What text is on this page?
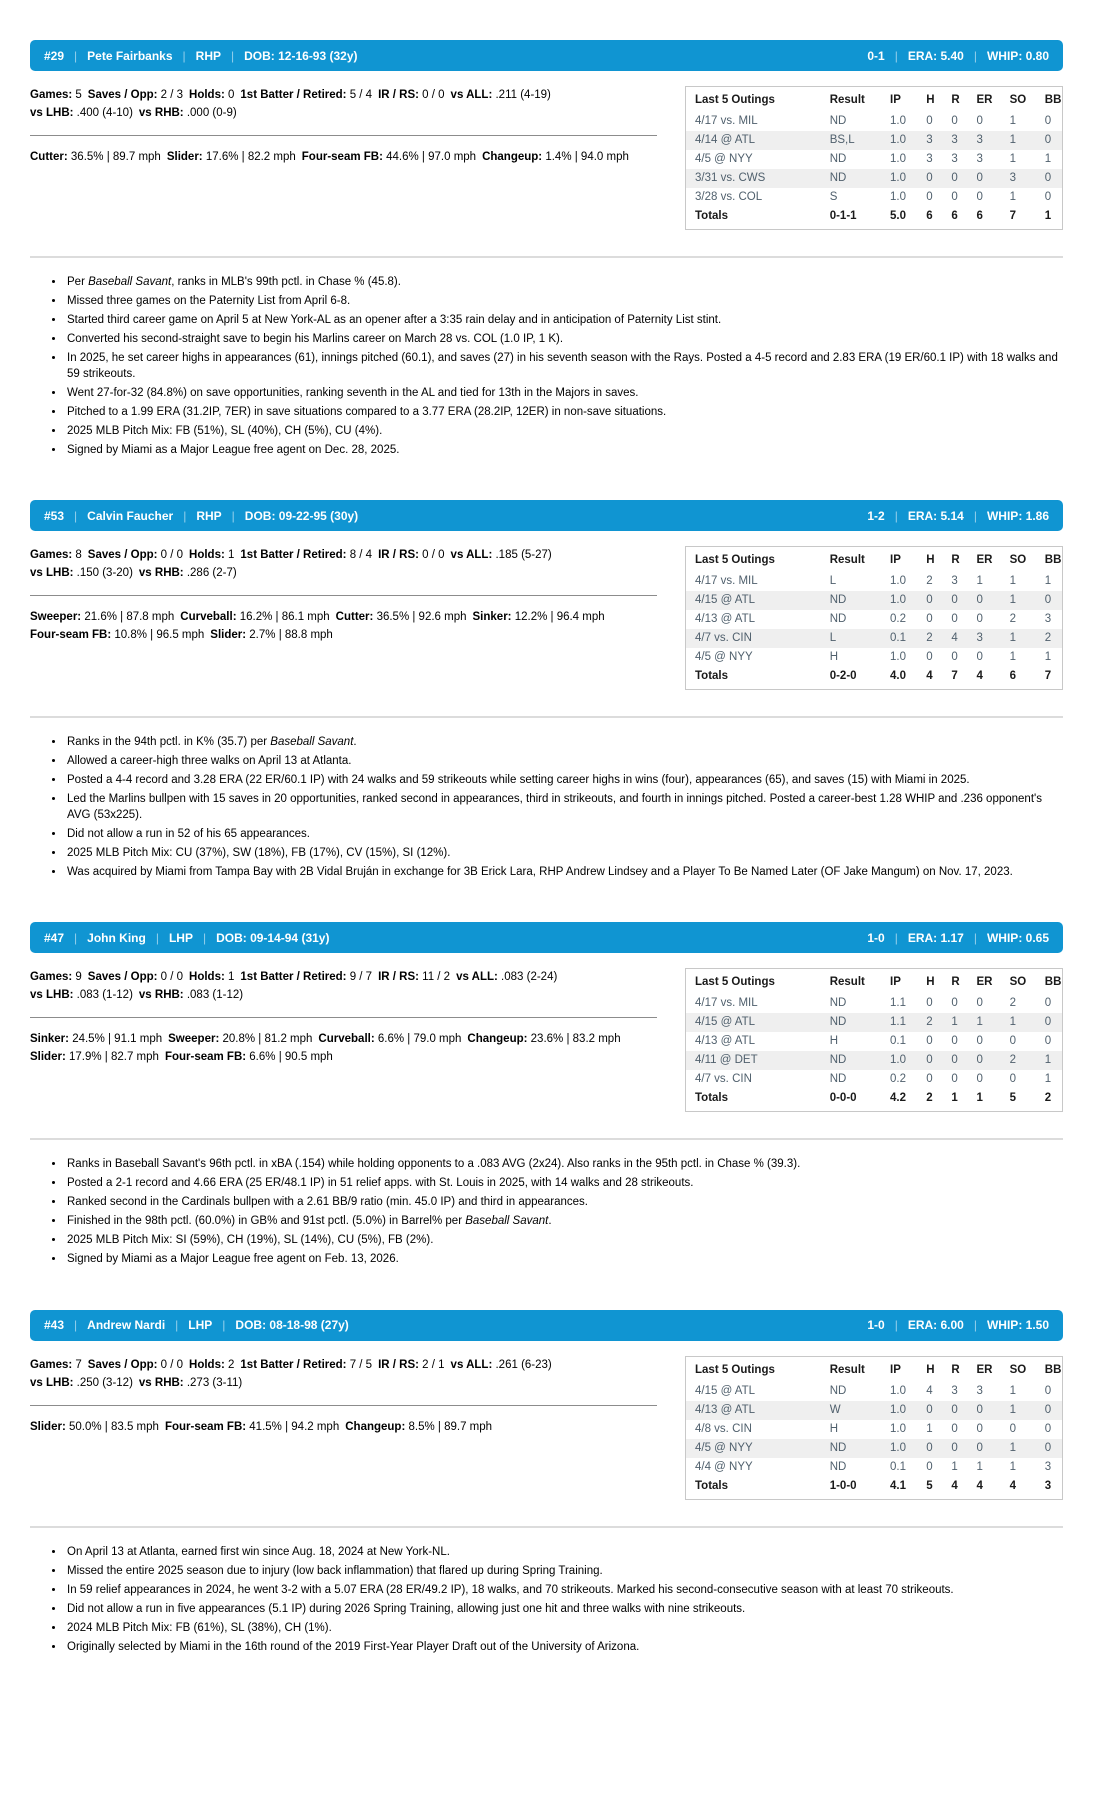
#29 | Pete Fairbanks | RHP | DOB: 12-16-93 (32y)	0-1 | ERA: 5.40 | WHIP: 0.80
Games: 5 Saves / Opp: 2 / 3 Holds: 0 1st Batter / Retired: 5 / 4 IR / RS: 0 / 0 vs ALL: .211 (4-19)
vs LHB: .400 (4-10) vs RHB: .000 (0-9)
Cutter: 36.5% | 89.7 mph Slider: 17.6% | 82.2 mph Four-seam FB: 44.6% | 97.0 mph Changeup: 1.4% | 94.0 mph
Last 5 Outings	Result	IP	H	R	ER	SO	BB
4/17 vs. MIL	ND	1.0	0	0	0	1	0
4/14 @ ATL	BS,L	1.0	3	3	3	1	0
4/5 @ NYY	ND	1.0	3	3	3	1	1
3/31 vs. CWS	ND	1.0	0	0	0	3	0
3/28 vs. COL	S	1.0	0	0	0	1	0
Totals	0-1-1	5.0	6	6	6	7	1
• Per Baseball Savant, ranks in MLB's 99th pctl. in Chase % (45.8).
• Missed three games on the Paternity List from April 6-8.
• Started third career game on April 5 at New York-AL as an opener after a 3:35 rain delay and in anticipation of Paternity List stint.
• Converted his second-straight save to begin his Marlins career on March 28 vs. COL (1.0 IP, 1 K).
• In 2025, he set career highs in appearances (61), innings pitched (60.1), and saves (27) in his seventh season with the Rays. Posted a 4-5 record and 2.83 ERA (19 ER/60.1 IP) with 18 walks and 59 strikeouts.
• Went 27-for-32 (84.8%) on save opportunities, ranking seventh in the AL and tied for 13th in the Majors in saves.
• Pitched to a 1.99 ERA (31.2IP, 7ER) in save situations compared to a 3.77 ERA (28.2IP, 12ER) in non-save situations.
• 2025 MLB Pitch Mix: FB (51%), SL (40%), CH (5%), CU (4%).
• Signed by Miami as a Major League free agent on Dec. 28, 2025.
#53 | Calvin Faucher | RHP | DOB: 09-22-95 (30y)	1-2 | ERA: 5.14 | WHIP: 1.86
Games: 8 Saves / Opp: 0 / 0 Holds: 1 1st Batter / Retired: 8 / 4 IR / RS: 0 / 0 vs ALL: .185 (5-27)
vs LHB: .150 (3-20) vs RHB: .286 (2-7)
Sweeper: 21.6% | 87.8 mph Curveball: 16.2% | 86.1 mph Cutter: 36.5% | 92.6 mph Sinker: 12.2% | 96.4 mph
Four-seam FB: 10.8% | 96.5 mph Slider: 2.7% | 88.8 mph
Last 5 Outings	Result	IP	H	R	ER	SO	BB
4/17 vs. MIL	L	1.0	2	3	1	1	1
4/15 @ ATL	ND	1.0	0	0	0	1	0
4/13 @ ATL	ND	0.2	0	0	0	2	3
4/7 vs. CIN	L	0.1	2	4	3	1	2
4/5 @ NYY	H	1.0	0	0	0	1	1
Totals	0-2-0	4.0	4	7	4	6	7
• Ranks in the 94th pctl. in K% (35.7) per Baseball Savant.
• Allowed a career-high three walks on April 13 at Atlanta.
• Posted a 4-4 record and 3.28 ERA (22 ER/60.1 IP) with 24 walks and 59 strikeouts while setting career highs in wins (four), appearances (65), and saves (15) with Miami in 2025.
• Led the Marlins bullpen with 15 saves in 20 opportunities, ranked second in appearances, third in strikeouts, and fourth in innings pitched. Posted a career-best 1.28 WHIP and .236 opponent's AVG (53x225).
• Did not allow a run in 52 of his 65 appearances.
• 2025 MLB Pitch Mix: CU (37%), SW (18%), FB (17%), CV (15%), SI (12%).
• Was acquired by Miami from Tampa Bay with 2B Vidal Bruján in exchange for 3B Erick Lara, RHP Andrew Lindsey and a Player To Be Named Later (OF Jake Mangum) on Nov. 17, 2023.
#47 | John King | LHP | DOB: 09-14-94 (31y)	1-0 | ERA: 1.17 | WHIP: 0.65
Games: 9 Saves / Opp: 0 / 0 Holds: 1 1st Batter / Retired: 9 / 7 IR / RS: 11 / 2 vs ALL: .083 (2-24)
vs LHB: .083 (1-12) vs RHB: .083 (1-12)
Sinker: 24.5% | 91.1 mph Sweeper: 20.8% | 81.2 mph Curveball: 6.6% | 79.0 mph Changeup: 23.6% | 83.2 mph
Slider: 17.9% | 82.7 mph Four-seam FB: 6.6% | 90.5 mph
Last 5 Outings	Result	IP	H	R	ER	SO	BB
4/17 vs. MIL	ND	1.1	0	0	0	2	0
4/15 @ ATL	ND	1.1	2	1	1	1	0
4/13 @ ATL	H	0.1	0	0	0	0	0
4/11 @ DET	ND	1.0	0	0	0	2	1
4/7 vs. CIN	ND	0.2	0	0	0	0	1
Totals	0-0-0	4.2	2	1	1	5	2
• Ranks in Baseball Savant's 96th pctl. in xBA (.154) while holding opponents to a .083 AVG (2x24). Also ranks in the 95th pctl. in Chase % (39.3).
• Posted a 2-1 record and 4.66 ERA (25 ER/48.1 IP) in 51 relief apps. with St. Louis in 2025, with 14 walks and 28 strikeouts.
• Ranked second in the Cardinals bullpen with a 2.61 BB/9 ratio (min. 45.0 IP) and third in appearances.
• Finished in the 98th pctl. (60.0%) in GB% and 91st pctl. (5.0%) in Barrel% per Baseball Savant.
• 2025 MLB Pitch Mix: SI (59%), CH (19%), SL (14%), CU (5%), FB (2%).
• Signed by Miami as a Major League free agent on Feb. 13, 2026.
#43 | Andrew Nardi | LHP | DOB: 08-18-98 (27y)	1-0 | ERA: 6.00 | WHIP: 1.50
Games: 7 Saves / Opp: 0 / 0 Holds: 2 1st Batter / Retired: 7 / 5 IR / RS: 2 / 1 vs ALL: .261 (6-23)
vs LHB: .250 (3-12) vs RHB: .273 (3-11)
Slider: 50.0% | 83.5 mph Four-seam FB: 41.5% | 94.2 mph Changeup: 8.5% | 89.7 mph
Last 5 Outings	Result	IP	H	R	ER	SO	BB
4/15 @ ATL	ND	1.0	4	3	3	1	0
4/13 @ ATL	W	1.0	0	0	0	1	0
4/8 vs. CIN	H	1.0	1	0	0	0	0
4/5 @ NYY	ND	1.0	0	0	0	1	0
4/4 @ NYY	ND	0.1	0	1	1	1	3
Totals	1-0-0	4.1	5	4	4	4	3
• On April 13 at Atlanta, earned first win since Aug. 18, 2024 at New York-NL.
• Missed the entire 2025 season due to injury (low back inflammation) that flared up during Spring Training.
• In 59 relief appearances in 2024, he went 3-2 with a 5.07 ERA (28 ER/49.2 IP), 18 walks, and 70 strikeouts. Marked his second-consecutive season with at least 70 strikeouts.
• Did not allow a run in five appearances (5.1 IP) during 2026 Spring Training, allowing just one hit and three walks with nine strikeouts.
• 2024 MLB Pitch Mix: FB (61%), SL (38%), CH (1%).
• Originally selected by Miami in the 16th round of the 2019 First-Year Player Draft out of the University of Arizona.
